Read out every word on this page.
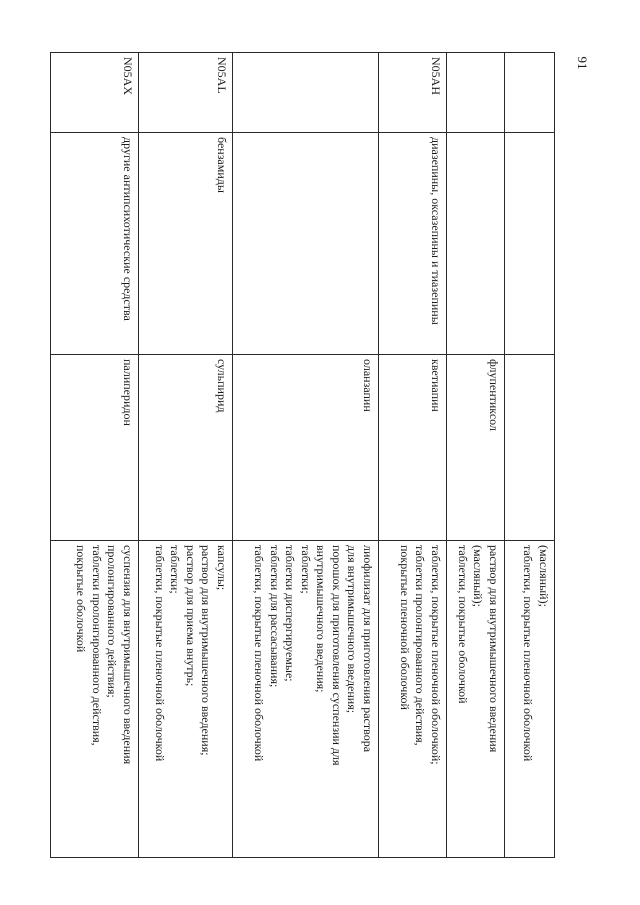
91
(масляный);
таблетки, покрытые пленочной оболочкой
флупентиксол
раствор для внутримышечного введения
(масляный);
таблетки, покрытые оболочкой
N05AH
диазепины, оксазепины и тиазепины
кветиапин
таблетки, покрытые пленочной оболочкой;
таблетки пролонгированного действия,
покрытые пленочной оболочкой
оланзапин
лиофилизат для приготовления раствора
для внутримышечного введения;
порошок для приготовления суспензии для
внутримышечного введения;
таблетки;
таблетки диспергируемые;
таблетки для рассасывания;
таблетки, покрытые пленочной оболочкой
N05AL
бензамиды
сульпирид
капсулы;
раствор для внутримышечного введения;
раствор для приема внутрь;
таблетки;
таблетки, покрытые пленочной оболочкой
N05AX
другие антипсихотические средства
палиперидон
суспензия для внутримышечного введения
пролонгированного действия;
таблетки пролонгированного действия,
покрытые оболочкой
